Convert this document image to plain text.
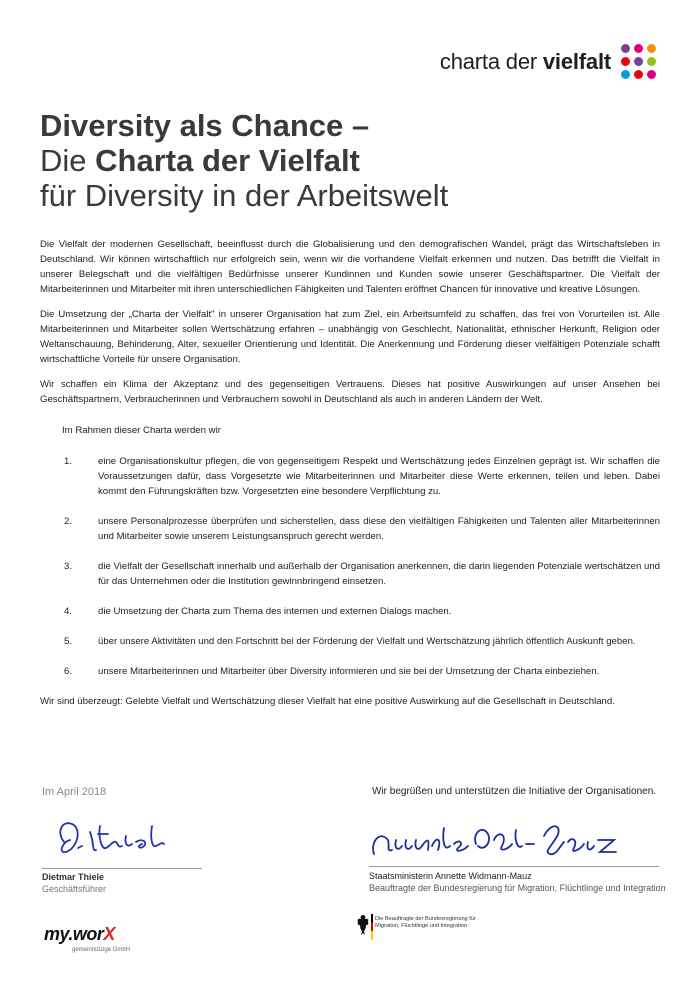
charta der vielfalt
Diversity als Chance –
Die Charta der Vielfalt
für Diversity in der Arbeitswelt

Die Vielfalt der modernen Gesellschaft, beeinflusst durch die Globalisierung und den demografischen Wandel, prägt das Wirtschaftsleben in Deutschland. Wir können wirtschaftlich nur erfolgreich sein, wenn wir die vorhandene Vielfalt erkennen und nutzen. Das betrifft die Vielfalt in unserer Belegschaft und die vielfältigen Bedürfnisse unserer Kundinnen und Kunden sowie unserer Geschäftspartner. Die Vielfalt der Mitarbeiterinnen und Mitarbeiter mit ihren unterschiedlichen Fähigkeiten und Talenten eröffnet Chancen für innovative und kreative Lösungen.

Die Umsetzung der „Charta der Vielfalt" in unserer Organisation hat zum Ziel, ein Arbeitsumfeld zu schaffen, das frei von Vorurteilen ist. Alle Mitarbeiterinnen und Mitarbeiter sollen Wertschätzung erfahren – unabhängig von Geschlecht, Nationalität, ethnischer Herkunft, Religion oder Weltanschauung, Behinderung, Alter, sexueller Orientierung und Identität. Die Anerkennung und Förderung dieser vielfältigen Potenziale schafft wirtschaftliche Vorteile für unsere Organisation.

Wir schaffen ein Klima der Akzeptanz und des gegenseitigen Vertrauens. Dieses hat positive Auswirkungen auf unser Ansehen bei Geschäftspartnern, Verbraucherinnen und Verbrauchern sowohl in Deutschland als auch in anderen Ländern der Welt.

Im Rahmen dieser Charta werden wir

1.	eine Organisationskultur pflegen, die von gegenseitigem Respekt und Wertschätzung jedes Einzelnen geprägt ist. Wir schaffen die Voraussetzungen dafür, dass Vorgesetzte wie Mitarbeiterinnen und Mitarbeiter diese Werte erkennen, teilen und leben. Dabei kommt den Führungskräften bzw. Vorgesetzten eine besondere Verpflichtung zu.
2.	unsere Personalprozesse überprüfen und sicherstellen, dass diese den vielfältigen Fähigkeiten und Talenten aller Mitarbeiterinnen und Mitarbeiter sowie unserem Leistungsanspruch gerecht werden.
3.	die Vielfalt der Gesellschaft innerhalb und außerhalb der Organisation anerkennen, die darin liegenden Potenziale wertschätzen und für das Unternehmen oder die Institution gewinnbringend einsetzen.
4.	die Umsetzung der Charta zum Thema des internen und externen Dialogs machen.
5.	über unsere Aktivitäten und den Fortschritt bei der Förderung der Vielfalt und Wertschätzung jährlich öffentlich Auskunft geben.
6.	unsere Mitarbeiterinnen und Mitarbeiter über Diversity informieren und sie bei der Umsetzung der Charta einbeziehen.

Wir sind überzeugt: Gelebte Vielfalt und Wertschätzung dieser Vielfalt hat eine positive Auswirkung auf die Gesellschaft in Deutschland.

Im April 2018	Wir begrüßen und unterstützen die Initiative der Organisationen.
Dietmar Thiele
Geschäftsführer
Staatsministerin Annette Widmann-Mauz
Beauftragte der Bundesregierung für Migration, Flüchtlinge und Integration
my.worX
gemeinnützige GmbH
Die Beauftragte der Bundesregierung für Migration, Flüchtlinge und Integration
